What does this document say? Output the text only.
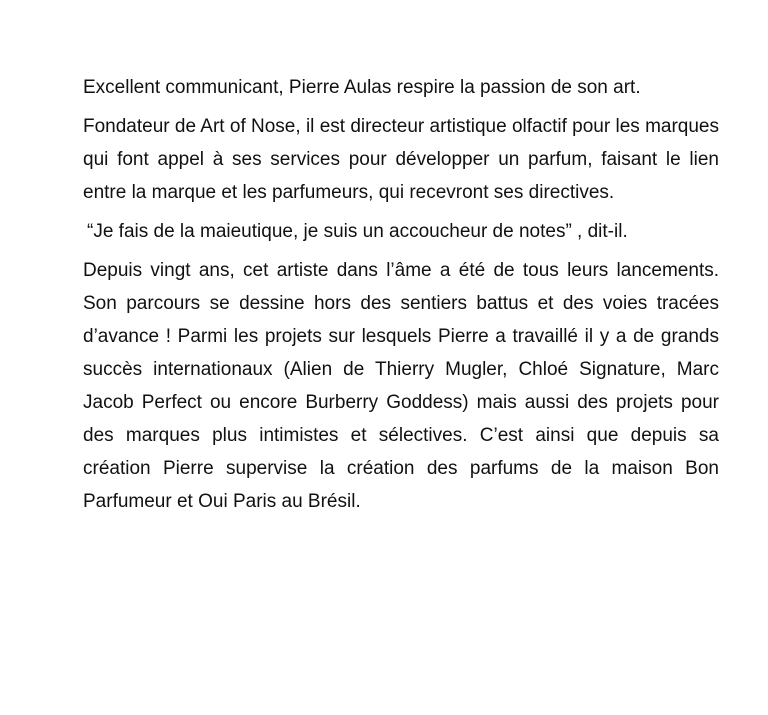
Excellent communicant, Pierre Aulas respire la passion de son art.

Fondateur de Art of Nose, il est directeur artistique olfactif pour les marques qui font appel à ses services pour développer un parfum, faisant le lien entre la marque et les parfumeurs, qui recevront ses directives.

“Je fais de la maieutique, je suis un accoucheur de notes” , dit-il.

Depuis vingt ans, cet artiste dans l’âme a été de tous leurs lancements. Son parcours se dessine hors des sentiers battus et des voies tracées d’avance ! Parmi les projets sur lesquels Pierre a travaillé il y a de grands succès internationaux (Alien de Thierry Mugler, Chloé Signature, Marc Jacob Perfect ou encore Burberry Goddess) mais aussi des projets pour des marques plus intimistes et sélectives. C’est ainsi que depuis sa création Pierre supervise la création des parfums de la maison Bon Parfumeur et Oui Paris au Brésil.
